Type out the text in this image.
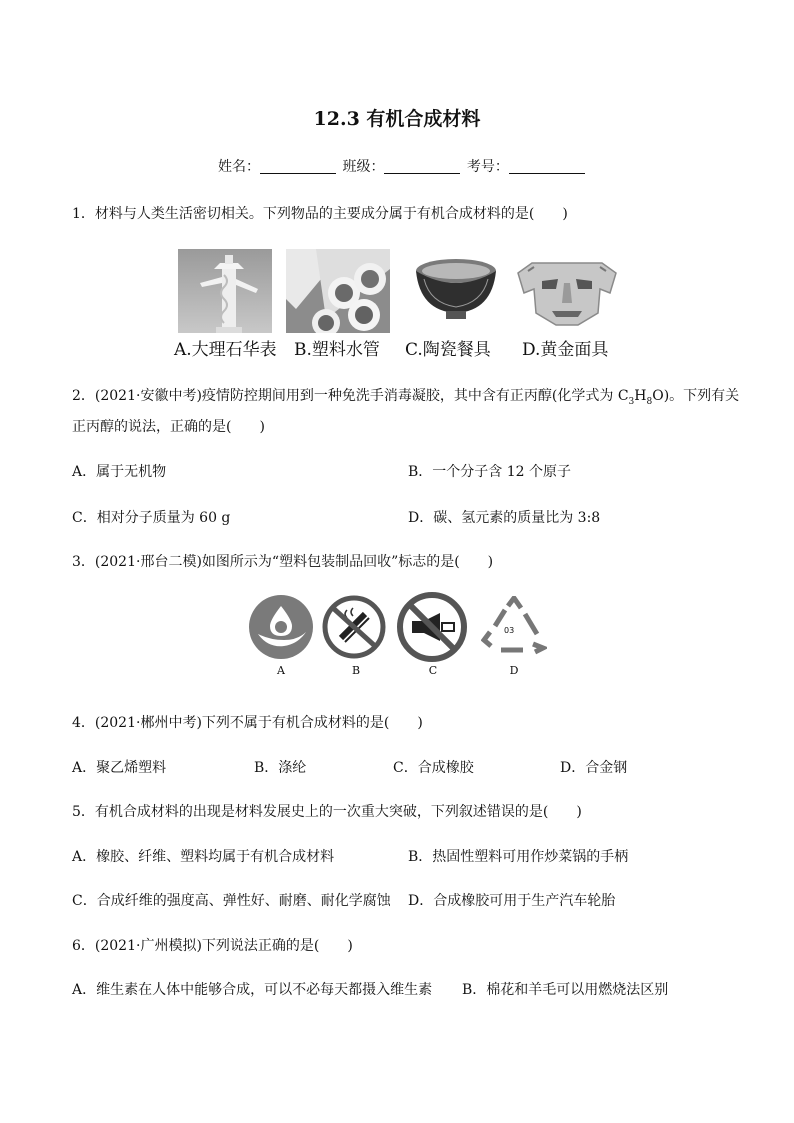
12.3 有机合成材料
姓名：	班级：	考号：
1．材料与人类生活密切相关。下列物品的主要成分属于有机合成材料的是(　　)
A.大理石华表 B.塑料水管 C.陶瓷餐具 D.黄金面具
2．(2021·安徽中考)疫情防控期间用到一种免洗手消毒凝胶，其中含有正丙醇(化学式为 $C_3H_8O$)。下列有关
正丙醇的说法，正确的是(　　)
A．属于无机物	B．一个分子含 12 个原子
C．相对分子质量为 60 g	D．碳、氢元素的质量比为 3:8
3．(2021·邢台二模)如图所示为“塑料包装制品回收”标志的是(　　)
03
A	B	C	D
4．(2021·郴州中考)下列不属于有机合成材料的是(　　)
A．聚乙烯塑料	B．涤纶	C．合成橡胶	D．合金钢
5．有机合成材料的出现是材料发展史上的一次重大突破，下列叙述错误的是(　　)
A．橡胶、纤维、塑料均属于有机合成材料	B．热固性塑料可用作炒菜锅的手柄
C．合成纤维的强度高、弹性好、耐磨、耐化学腐蚀 D．合成橡胶可用于生产汽车轮胎
6．(2021·广州模拟)下列说法正确的是(　　)
A．维生素在人体中能够合成，可以不必每天都摄入维生素 B．棉花和羊毛可以用燃烧法区别
